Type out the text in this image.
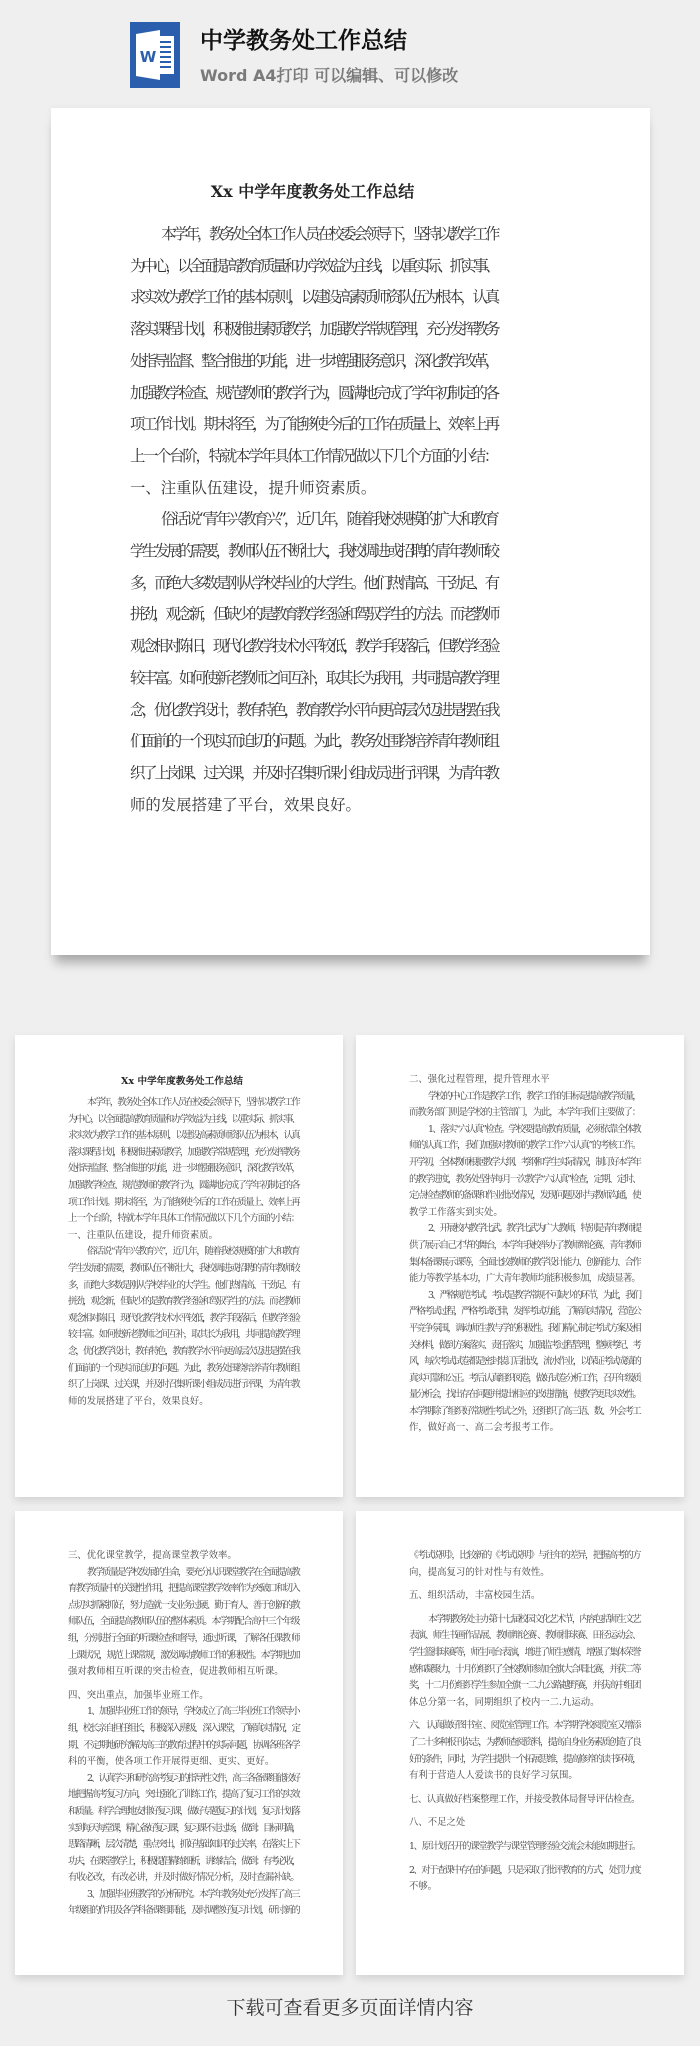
W
中学教务处工作总结
Word A4打印 可以编辑、可以修改
Xx 中学年度教务处工作总结
本学年，教务处全体工作人员在校委会领导下，坚持以教学工作
为中心，以全面提高教育质量和办学效益为主线，以重实际、抓实事、
求实效为教学工作的基本原则，以建设高素质师资队伍为根本，认真
落实课程计划，积极推进素质教学，加强教学常规管理，充分发挥教务
处指导监督、整合推进的功能，进一步增强服务意识，深化教学改革，
加强教学检查、规范教师的教学行为，圆满地完成了学年初制定的各
项工作计划。期末将至，为了能够使今后的工作在质量上、效率上再
上一个台阶，特就本学年具体工作情况做以下几个方面的小结：
一、注重队伍建设，提升师资素质。
俗话说“青年兴教育兴”，近几年，随着我校规模的扩大和教育
学生发展的需要，教师队伍不断壮大，我校调进或招聘的青年教师较
多，而绝大多数是刚从学校毕业 的大学生。他们热情高、干劲足、有
拼劲，观念新，但缺少的是教育教学经验和驾驭学生的方法。而老教师
观念相对陈旧，现代化教学技术水平较低，教学手段落后，但教学经验
较丰富。如何使新老教师之间互补，取其长为我用，共同提高教学理
念，优化教学设计，教有特色，教育教学水平向更高层次迈进是摆在我
们面前的一个现实而迫切的问题。为此，教务处围绕培养青年教师组
织了上岗课、过关课，并及时召集听课小组成员进行评课，为青年教
师的发展搭建了平台，效果良好。
Xx 中学年度教务处工作总结
本学年，教务处全体工作人员在校委会领导下，坚持以教学工作
为中心，以全面提高教育质量和办学效益为主线，以重实际、抓实事、
求实效为教学工作的基本原则，以建设高素质师资队伍为根本，认真
落实课程计划，积极推进素质教学，加强教学常规管理，充分发挥教务
处指导监督、整合推进的功能，进一步增强服务意识，深化教学改革，
加强教学检查、规范教师的教学行为，圆满地完成了学年初制定的各
项工作计划。期末将至，为了能够使今后的工作在质量上、效率上再
上一个台阶，特就本学年具体工作情况做以下几个方面的小结：
一、注重队伍建设，提升师资素质。
俗话说“青年兴教育兴”，近几年，随着我校规模的扩大和教育
学生发展的需要，教师队伍不断壮大，我校调进或招聘的青年教师较
多，而绝大多数是刚从学校毕业 的大学生。他们热情高、干劲足、有
拼劲，观念新，但缺少的是教育教学经验和驾驭学生的方法。而老教师
观念相对陈旧，现代化教学技术水平较低，教学手段落后，但教学经验
较丰富。如何使新老教师之间互补，取其长为我用，共同提高教学理
念，优化教学设计，教有特色，教育教学水平向更高层次迈进是摆在我
们面前的一个现实而迫切的问题。为此，教务处围绕培养青年教师组
织了上岗课、过关课，并及时召集听课小组成员进行评课，为青年教
师的发展搭建了平台，效果良好。
二、强化过程管理，提升管理水平
学校的中心工作是教学工作，教学工作的目标是提高教学质量，
而教务部门则是学校的主管部门，为此，本学年我们主要做了：
1、落实“六认真”检查。学校要提高教育质量，必须依靠全体教
师的认真工作，我们加强对教师的教学工作“六认真”的考核工作。
开学初，全体教师根据教学大纲、考纲和学生实际情况，制订好本学年
的教学进度，教务处坚持每月一次教学“六认真”检查，定期、定时、
定点检查教师的备课和作业批改情况，发现问题及时与教师沟通，使
教学工作落实到实处。
2、开展校内教学比武。教学比武为广大教师，特别是青年教师提
供了展示自己才华的舞台，本学年我校举办了教师辩论赛、青年教师
集体备课展示课等，全面比较教师的教学设计能力、创新能力、合作
能力等教学基本功，广大青年教师均能积极参加，成绩显著。
3、严格规范考试。考试是教学常规不可缺少的环节，为此，我们
严格考试过程，严格考试纪律，发挥考试功能，了解真实情况，营造公
平竞争氛围，调动师生教与学的积极性。我们精心制定考试方案及相
关材料，做到方案落实、责任落实，加强监考过程管理，整顿考纪、考
风，每次考试试卷都是密封装订后批改，流水作业，以保证考试成绩的
真实可靠和公正。考后认真组织阅卷，做好试卷分析工作，召开年级质
量分析会，找出存在问题并提出相 应的改进措施，使教学更具实效性。
本学期除了组织好常规性考试之外，还组织了高三语、数、外会考工
作，做好高一、高二会考报考工作。
三、优化课堂教学，提高课堂教学效率。
教学质量是学校发展的生命，要充分认识课堂教学在全面提高教
育教学质量中的关键性作用，把提高课堂教学效率作为突破口和切入
点切实抓紧抓好，努力造就一支业务过硬、勤于育人、善于创新的教
师队伍，全面提高教师队伍的整体素质。本学期配合高中三个年级
组，分别进行全面的听课检查和督导，通过听课，了解各任课教 师
上课状况，规范上课常规，激发调动教师工作的积极性。本学期也加
强对教师相互听课的突击检查，促进教师相互听课。
四、突出重点，加强毕业班工作。
1、加强毕业班工作的领导，学校成立了高三毕业班工作领导小
组，校长亲自担任组长，积极深入班级、 深入课堂，了解真实情况，定
期、不定期地研究解决高三的教育过程中的实际问题，协调各班各学
科的平衡，使各项工作开展得更细、更实、更好。
2、认真学习和研究高考复习的指导性文件，高三各备课组能较好
地把握高考复习方向，突出强化了训练工作，提高了复习工作的实效
和质量。科学合理地安排好复习课，做好专题复习的计划，复习计划落
实到每天每堂课，精心备好复习课，复习课不走过场，做到：目标明确，
思路清晰，层次清楚，重点突出，抓好基础知识的过关率，在落实上下
功夫，在课堂教学上，积极提倡精练细析，讲练结合，做到：有考必收，
有收必改，有改必讲，并及时做好情况分析，及时查漏补缺。
3、加强毕业班教学的分析研究。本学年教务处充分发挥了高三
年级组的作用及各学科备课组职能，及时调整好复习计划，研讨新的
《考试说明》，比较新的《考试说明》与往年的差异，把握高考的方
向，提高复习的针对性与有效性。
五、组织活动，丰富校园生活。
本学期教务处主办第十七届校园文化艺术节，内容包括师生文艺
表演、师生书画作品展、教师辩论赛 、教师排球赛、田径运动会、
学生篮排球赛等，师生同台表演，增进了师生感情，增强了集体荣誉
感和凝聚力，十月份组织了全校教师参加全旗大合唱比赛，并获二等
奖，十二月份组织学生参加全旗一二.九公路越野赛，并获高中组团
体总分第一名，同期组织了校内一二.九运动。
六、 认真做好图书室 、阅览室管理工作。本学期学校阅览室又增添
了二十多种报刊杂志，为教师查阅资料，提高自身业务素质创造了良
好的条件，同时，为学生提供一个拓展思维，提高修养的读书环境，
有利于营造人人爱读书的良好学习氛围。
七、认真做好档案整理工作，并接受教体局督导评估检查。
八、不足之处
1、原计划召开的课堂教学与课堂管理经验交流会未能如期进行。
2、对于查课中存在的问题，只是采取了批评教育的方式，处罚力度
不够。
下载可查看更多页面详情内容
